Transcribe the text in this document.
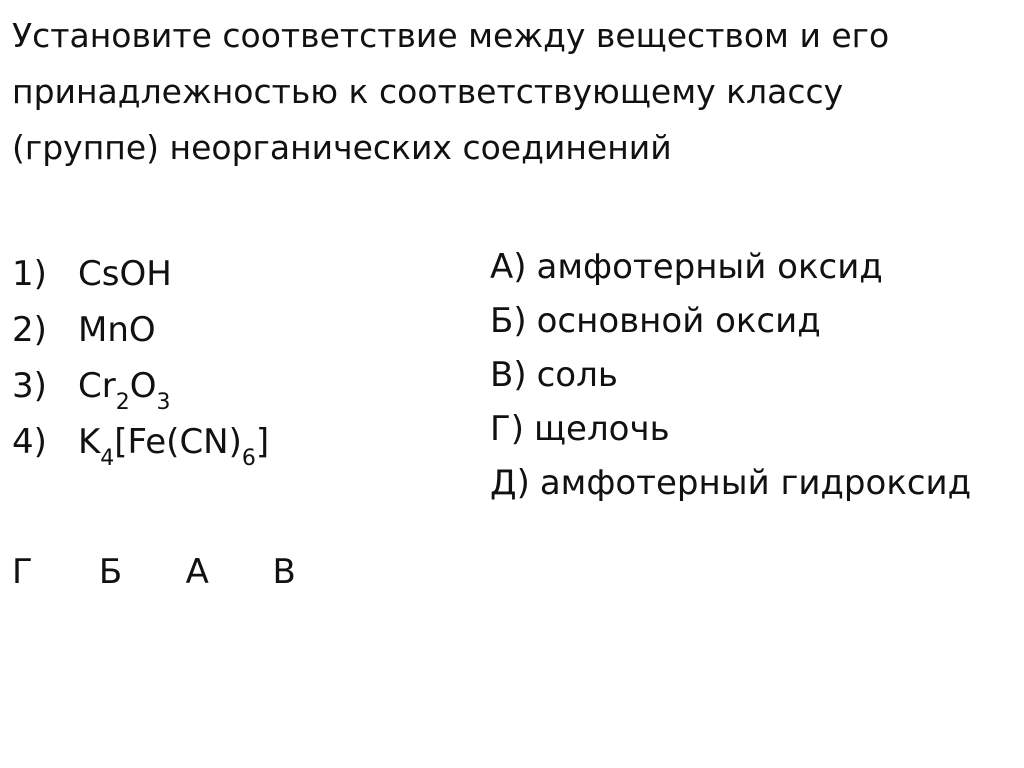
Установите соответствие между веществом и его
принадлежностью к соответствующему классу
(группе) неорганических соединений
1) CsOH
2) MnO
3) $Cr_2O_3$
4) $K_4[Fe(CN)_6]$
А) амфотерный оксид
Б) основной оксид
В) соль
Г) щелочь
Д) амфотерный гидроксид
Г Б А В
